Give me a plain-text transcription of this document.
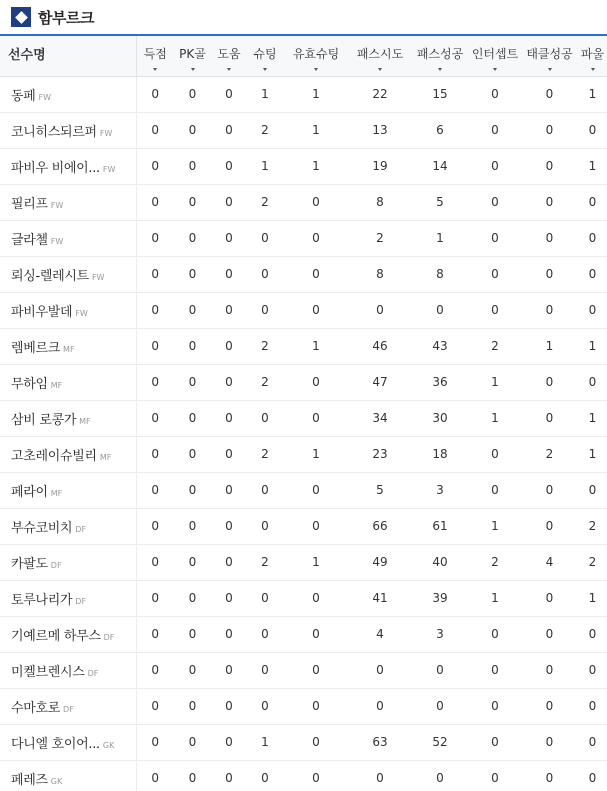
함부르크
선수명	득점	PK골	도움	슈팅	유효슈팅	패스시도	패스성공	인터셉트	태클성공	파울

동페 FW	0	0	0	1	1	22	15	0	0	1
코니히스되르퍼 FW	0	0	0	2	1	13	6	0	0	0
파비우 비에이... FW	0	0	0	1	1	19	14	0	0	1
필리프 FW	0	0	0	2	0	8	5	0	0	0
글라첼 FW	0	0	0	0	0	2	1	0	0	0
뢰싱-렐레시트 FW	0	0	0	0	0	8	8	0	0	0
파비우발데 FW	0	0	0	0	0	0	0	0	0	0
렘베르크 MF	0	0	0	2	1	46	43	2	1	1
무하임 MF	0	0	0	2	0	47	36	1	0	0
삼비 로콩가 MF	0	0	0	0	0	34	30	1	0	1
고초레이슈빌리 MF	0	0	0	2	1	23	18	0	2	1
페라이 MF	0	0	0	0	0	5	3	0	0	0
부슈코비치 DF	0	0	0	0	0	66	61	1	0	2
카팔도 DF	0	0	0	2	1	49	40	2	4	2
토루나리가 DF	0	0	0	0	0	41	39	1	0	1
기예르메 하무스 DF	0	0	0	0	0	4	3	0	0	0
미켈브렌시스 DF	0	0	0	0	0	0	0	0	0	0
수마호로 DF	0	0	0	0	0	0	0	0	0	0
다니엘 호이어... GK	0	0	0	1	0	63	52	0	0	0
페레즈 GK	0	0	0	0	0	0	0	0	0	0
